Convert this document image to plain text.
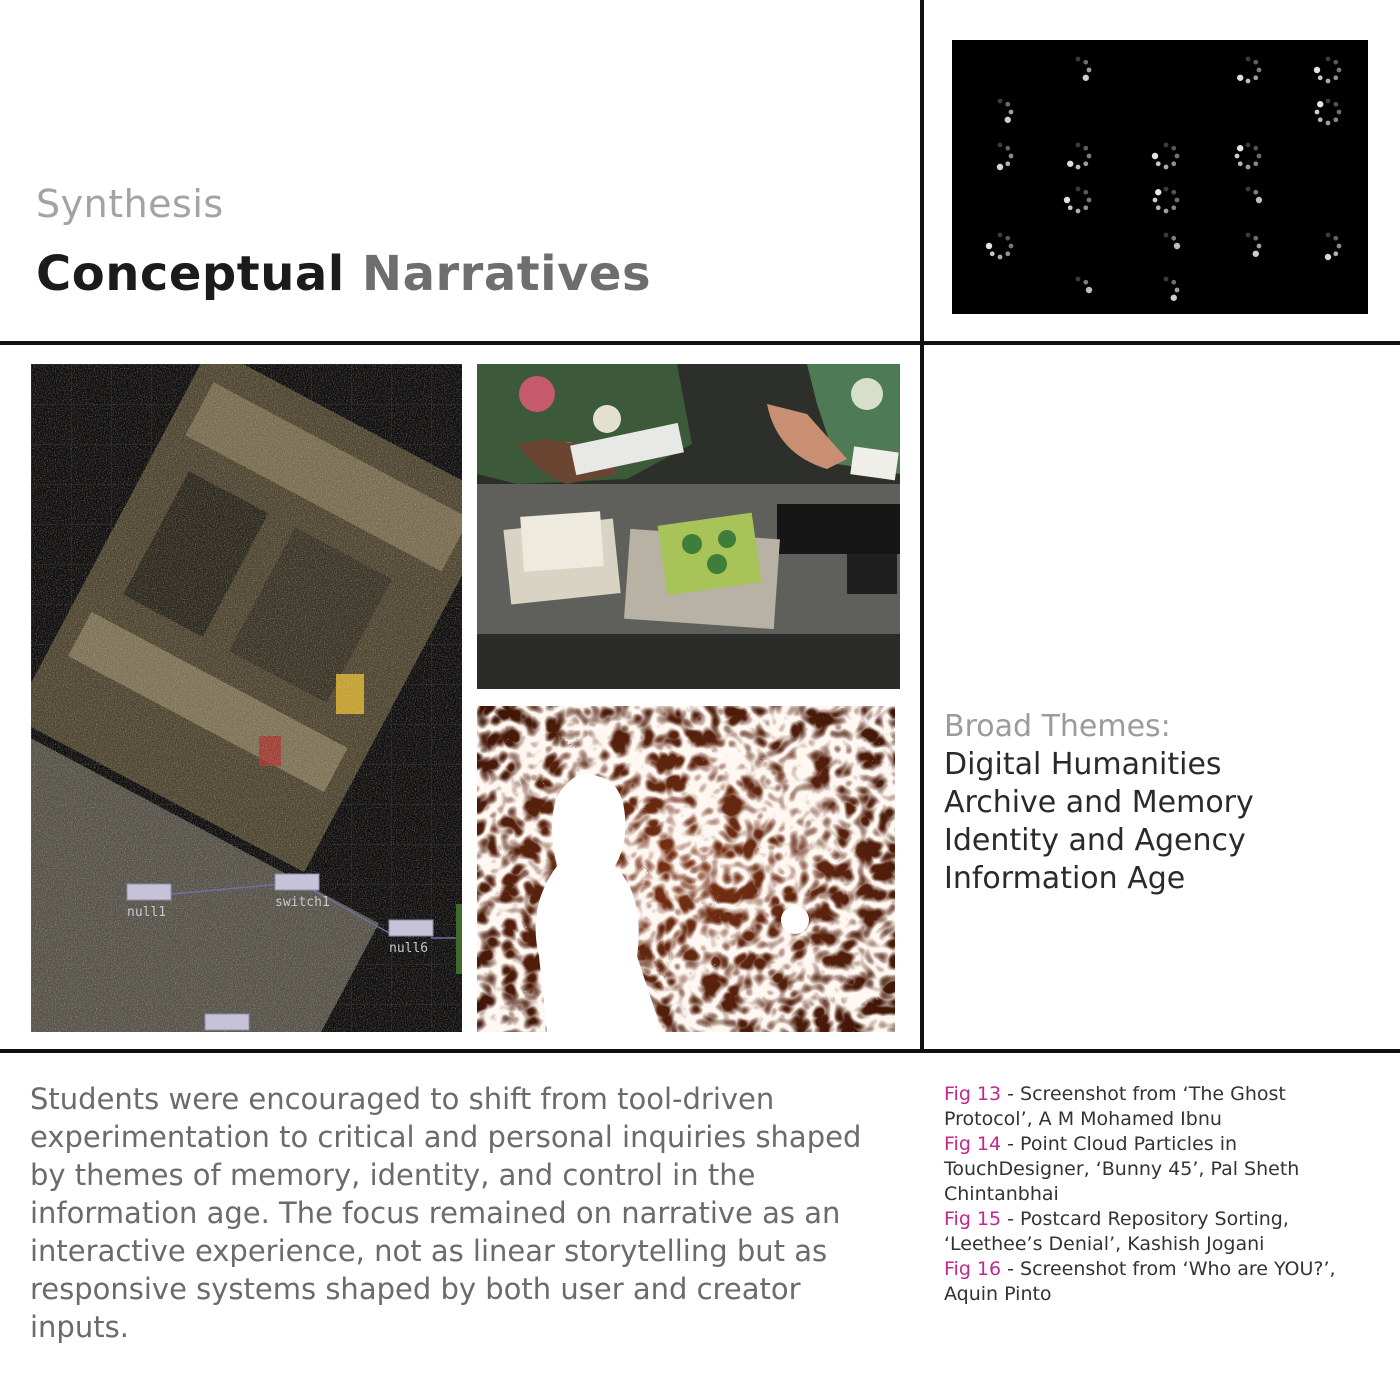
Synthesis
Conceptual Narratives
null1
switch1
null6
Broad Themes:
Digital Humanities
Archive and Memory
Identity and Agency
Information Age
Students were encouraged to shift from tool-driven experimentation to critical and personal inquiries shaped by themes of memory, identity, and control in the information age. The focus remained on narrative as an interactive experience, not as linear storytelling but as responsive systems shaped by both user and creator inputs.

Fig 13 - Screenshot from ‘The Ghost Protocol’, A M Mohamed Ibnu

Fig 14 - Point Cloud Particles in TouchDesigner, ‘Bunny 45’, Pal Sheth Chintanbhai

Fig 15 - Postcard Repository Sorting, ‘Leethee’s Denial’, Kashish Jogani

Fig 16 - Screenshot from ‘Who are YOU?’, Aquin Pinto
